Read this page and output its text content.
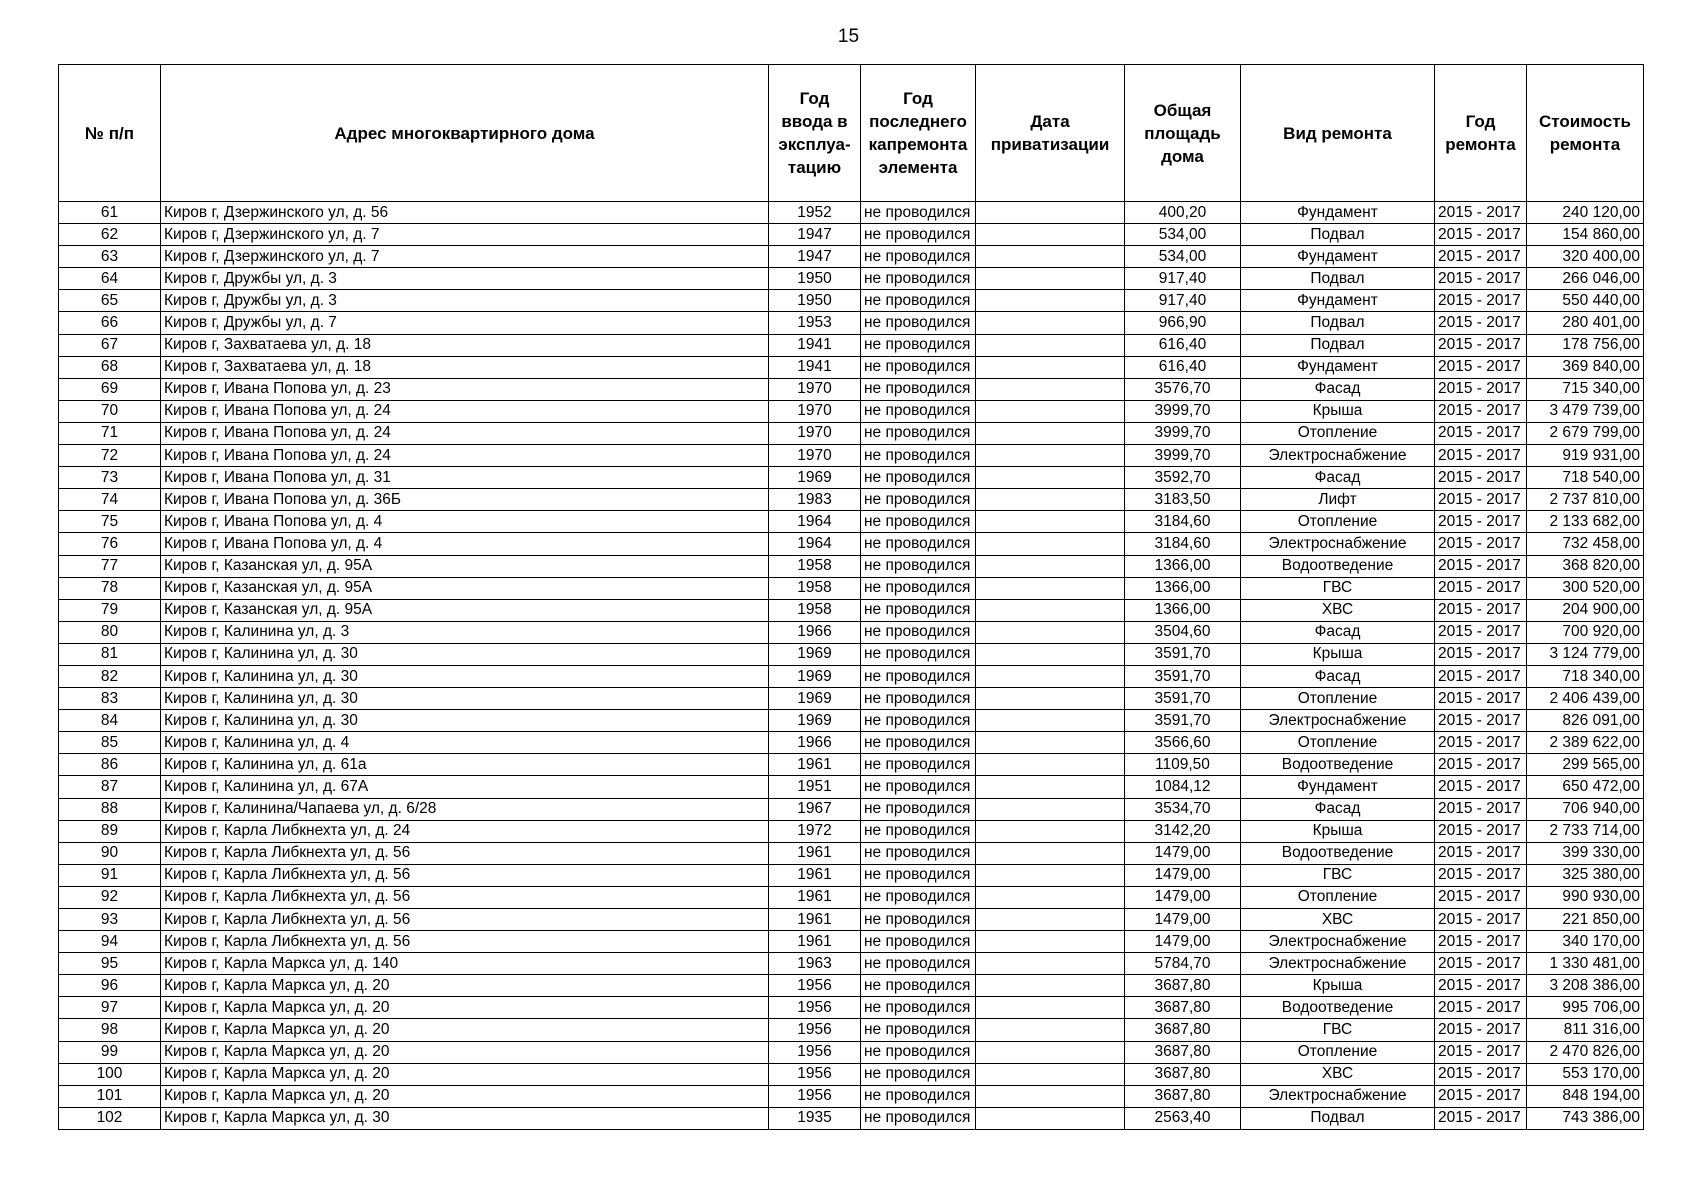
15
№ п/п	Адрес многоквартирного дома	Год ввода в эксплуа-тацию	Год последнего капремонта элемента	Дата приватизации	Общая площадь дома	Вид ремонта	Год ремонта	Стоимость ремонта
61	Киров г, Дзержинского ул, д. 56	1952	не проводился		400,20	Фундамент	2015 - 2017	240 120,00
62	Киров г, Дзержинского ул, д. 7	1947	не проводился		534,00	Подвал	2015 - 2017	154 860,00
63	Киров г, Дзержинского ул, д. 7	1947	не проводился		534,00	Фундамент	2015 - 2017	320 400,00
64	Киров г, Дружбы ул, д. 3	1950	не проводился		917,40	Подвал	2015 - 2017	266 046,00
65	Киров г, Дружбы ул, д. 3	1950	не проводился		917,40	Фундамент	2015 - 2017	550 440,00
66	Киров г, Дружбы ул, д. 7	1953	не проводился		966,90	Подвал	2015 - 2017	280 401,00
67	Киров г, Захватаева ул, д. 18	1941	не проводился		616,40	Подвал	2015 - 2017	178 756,00
68	Киров г, Захватаева ул, д. 18	1941	не проводился		616,40	Фундамент	2015 - 2017	369 840,00
69	Киров г, Ивана Попова ул, д. 23	1970	не проводился		3576,70	Фасад	2015 - 2017	715 340,00
70	Киров г, Ивана Попова ул, д. 24	1970	не проводился		3999,70	Крыша	2015 - 2017	3 479 739,00
71	Киров г, Ивана Попова ул, д. 24	1970	не проводился		3999,70	Отопление	2015 - 2017	2 679 799,00
72	Киров г, Ивана Попова ул, д. 24	1970	не проводился		3999,70	Электроснабжение	2015 - 2017	919 931,00
73	Киров г, Ивана Попова ул, д. 31	1969	не проводился		3592,70	Фасад	2015 - 2017	718 540,00
74	Киров г, Ивана Попова ул, д. 36Б	1983	не проводился		3183,50	Лифт	2015 - 2017	2 737 810,00
75	Киров г, Ивана Попова ул, д. 4	1964	не проводился		3184,60	Отопление	2015 - 2017	2 133 682,00
76	Киров г, Ивана Попова ул, д. 4	1964	не проводился		3184,60	Электроснабжение	2015 - 2017	732 458,00
77	Киров г, Казанская ул, д. 95А	1958	не проводился		1366,00	Водоотведение	2015 - 2017	368 820,00
78	Киров г, Казанская ул, д. 95А	1958	не проводился		1366,00	ГВС	2015 - 2017	300 520,00
79	Киров г, Казанская ул, д. 95А	1958	не проводился		1366,00	ХВС	2015 - 2017	204 900,00
80	Киров г, Калинина ул, д. 3	1966	не проводился		3504,60	Фасад	2015 - 2017	700 920,00
81	Киров г, Калинина ул, д. 30	1969	не проводился		3591,70	Крыша	2015 - 2017	3 124 779,00
82	Киров г, Калинина ул, д. 30	1969	не проводился		3591,70	Фасад	2015 - 2017	718 340,00
83	Киров г, Калинина ул, д. 30	1969	не проводился		3591,70	Отопление	2015 - 2017	2 406 439,00
84	Киров г, Калинина ул, д. 30	1969	не проводился		3591,70	Электроснабжение	2015 - 2017	826 091,00
85	Киров г, Калинина ул, д. 4	1966	не проводился		3566,60	Отопление	2015 - 2017	2 389 622,00
86	Киров г, Калинина ул, д. 61а	1961	не проводился		1109,50	Водоотведение	2015 - 2017	299 565,00
87	Киров г, Калинина ул, д. 67А	1951	не проводился		1084,12	Фундамент	2015 - 2017	650 472,00
88	Киров г, Калинина/Чапаева ул, д. 6/28	1967	не проводился		3534,70	Фасад	2015 - 2017	706 940,00
89	Киров г, Карла Либкнехта ул, д. 24	1972	не проводился		3142,20	Крыша	2015 - 2017	2 733 714,00
90	Киров г, Карла Либкнехта ул, д. 56	1961	не проводился		1479,00	Водоотведение	2015 - 2017	399 330,00
91	Киров г, Карла Либкнехта ул, д. 56	1961	не проводился		1479,00	ГВС	2015 - 2017	325 380,00
92	Киров г, Карла Либкнехта ул, д. 56	1961	не проводился		1479,00	Отопление	2015 - 2017	990 930,00
93	Киров г, Карла Либкнехта ул, д. 56	1961	не проводился		1479,00	ХВС	2015 - 2017	221 850,00
94	Киров г, Карла Либкнехта ул, д. 56	1961	не проводился		1479,00	Электроснабжение	2015 - 2017	340 170,00
95	Киров г, Карла Маркса ул, д. 140	1963	не проводился		5784,70	Электроснабжение	2015 - 2017	1 330 481,00
96	Киров г, Карла Маркса ул, д. 20	1956	не проводился		3687,80	Крыша	2015 - 2017	3 208 386,00
97	Киров г, Карла Маркса ул, д. 20	1956	не проводился		3687,80	Водоотведение	2015 - 2017	995 706,00
98	Киров г, Карла Маркса ул, д. 20	1956	не проводился		3687,80	ГВС	2015 - 2017	811 316,00
99	Киров г, Карла Маркса ул, д. 20	1956	не проводился		3687,80	Отопление	2015 - 2017	2 470 826,00
100	Киров г, Карла Маркса ул, д. 20	1956	не проводился		3687,80	ХВС	2015 - 2017	553 170,00
101	Киров г, Карла Маркса ул, д. 20	1956	не проводился		3687,80	Электроснабжение	2015 - 2017	848 194,00
102	Киров г, Карла Маркса ул, д. 30	1935	не проводился		2563,40	Подвал	2015 - 2017	743 386,00
